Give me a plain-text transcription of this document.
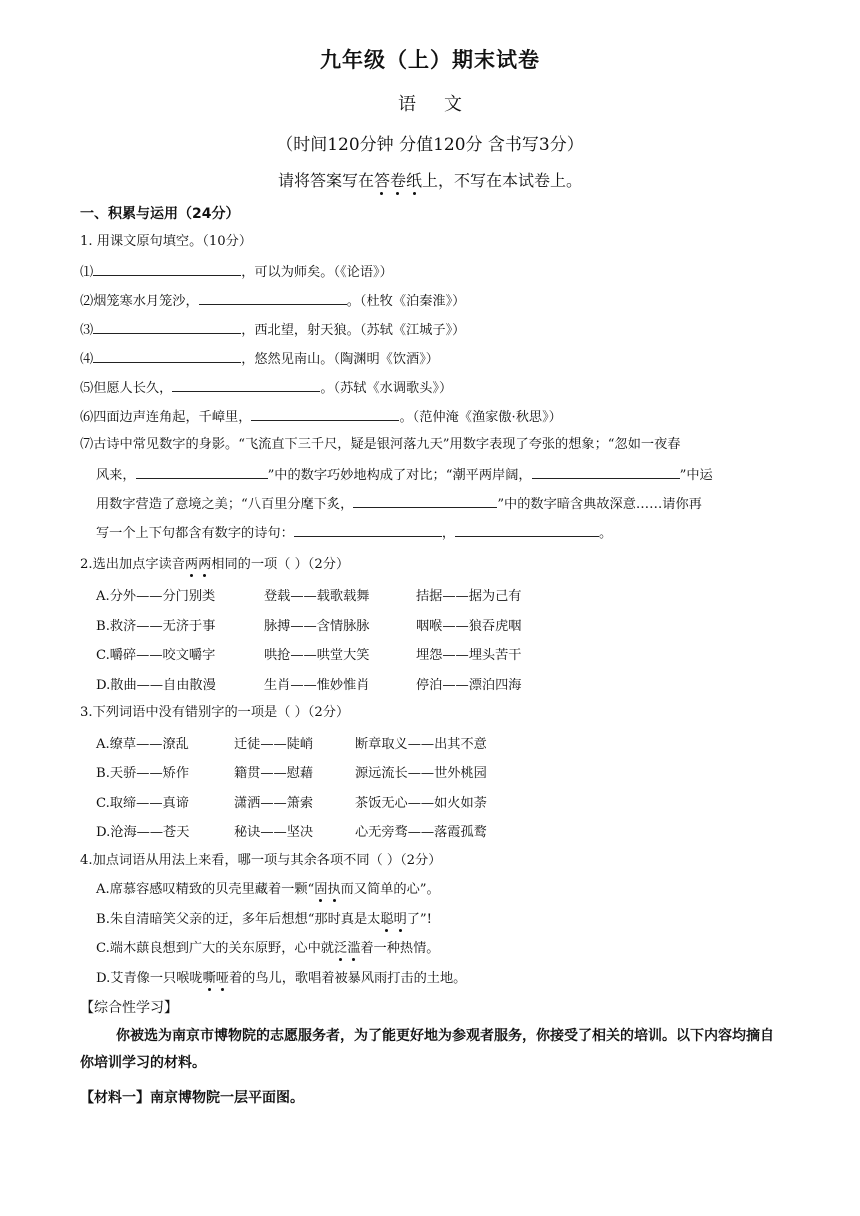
九年级（上）期末试卷
语文
（时间120分钟 分值120分 含书写3分）
请将答案写在答卷纸上，不写在本试卷上。
一、积累与运用（24分）
1. 用课文原句填空。（10分）
⑴	，可以为师矣。（《论语》）
⑵烟笼寒水月笼沙，	。（杜牧《泊秦淮》）
⑶	，西北望，射天狼。（苏轼《江城子》）
⑷	，悠然见南山。（陶渊明《饮酒》）
⑸但愿人长久，	。（苏轼《水调歌头》）
⑹四面边声连角起，千嶂里，	。（范仲淹《渔家傲·秋思》）
⑺古诗中常见数字的身影。“飞流直下三千尺，疑是银河落九天”用数字表现了夸张的想象；“忽如一夜春
风来，	”中的数字巧妙地构成了对比；“潮平两岸阔，	”中运
用数字营造了意境之美；“八百里分麾下炙，	”中的数字暗含典故深意……请你再
写一个上下句都含有数字的诗句：	，	。
2.选出加点字读音两两相同的一项（ ）（2分）
A.分外——分门别类	登载——载歌载舞	拮据——据为己有
B.救济——无济于事	脉搏——含情脉脉	咽喉——狼吞虎咽
C.嚼碎——咬文嚼字	哄抢——哄堂大笑	埋怨——埋头苦干
D.散曲——自由散漫	生肖——惟妙惟肖	停泊——漂泊四海
3.下列词语中没有错别字的一项是（ ）（2分）
A.缭草——潦乱	迁徒——陡峭	断章取义——出其不意
B.天骄——矫作	籍贯——慰藉	源远流长——世外桃园
C.取缔——真谛	潇洒——箫索	茶饭无心——如火如荼
D.沧海——苍天	秘诀——坚决	心无旁骛——落霞孤鹜
4.加点词语从用法上来看，哪一项与其余各项不同（ ）（2分）
A.席慕容感叹精致的贝壳里藏着一颗“固执而又简单的心”。
B.朱自清暗笑父亲的迂，多年后想想“那时真是太聪明了”!
C.端木蕻良想到广大的关东原野，心中就泛滥着一种热情。
D.艾青像一只喉咙嘶哑着的鸟儿，歌唱着被暴风雨打击的土地。
【综合性学习】
你被选为南京市博物院的志愿服务者，为了能更好地为参观者服务，你接受了相关的培训。以下内容均摘自你培训学习的材料。
【材料一】南京博物院一层平面图。
